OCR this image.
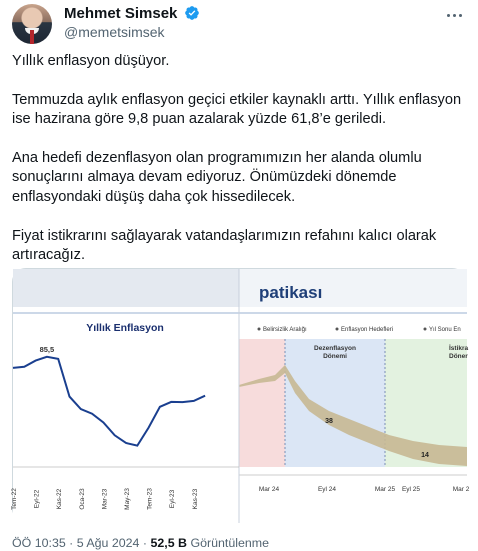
Mehmet Simsek
@memetsimsek

Yıllık enflasyon düşüyor.

Temmuzda aylık enflasyon geçici etkiler kaynaklı arttı. Yıllık enflasyon ise hazirana göre 9,8 puan azalarak yüzde 61,8’e geriledi.

Ana hedefi dezenflasyon olan programımızın her alanda olumlu sonuçlarını almaya devam ediyoruz. Önümüzdeki dönemde enflasyondaki düşüş daha çok hissedilecek.

Fiyat istikrarını sağlayarak vatandaşlarımızın refahını kalıcı olarak artıracağız.

patikası
Belirsizlik Aralığı	Enflasyon Hedefleri	Yıl Sonu En
Dezenflasyon
Dönemi
İstikra
Döner
38
14
Mar 24	Eyl 24	Mar 25 Eyl 25	Mar 2
Yıllık Enflasyon
85,5
Tem-22 Eyl-22 Kas-22 Oca-23 Mar-23 May-23 Tem-23 Eyl-23 Kas-23
ÖÖ 10:35 · 5 Ağu 2024 · 52,5 B Görüntülenme
